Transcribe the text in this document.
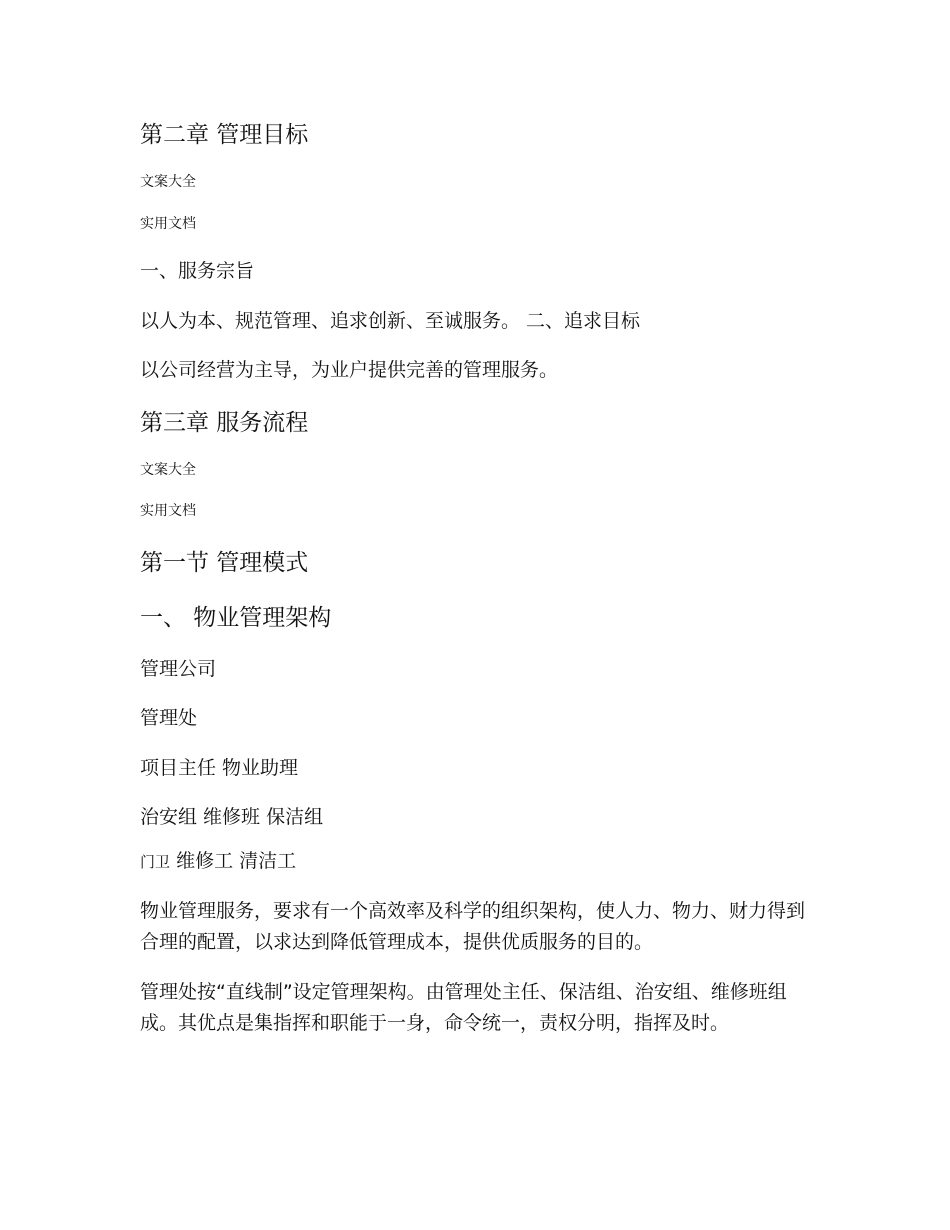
第二章 管理目标
文案大全
实用文档
一、服务宗旨
以人为本、规范管理、追求创新、至诚服务。 二、追求目标
以公司经营为主导，为业户提供完善的管理服务。
第三章 服务流程
文案大全
实用文档
第一节 管理模式
一、 物业管理架构
管理公司
管理处
项目主任 物业助理
治安组 维修班 保洁组
门卫 维修工 清洁工
物业管理服务，要求有一个高效率及科学的组织架构，使人力、物力、财力得到合理的配置，以求达到降低管理成本，提供优质服务的目的。
管理处按“直线制”设定管理架构。由管理处主任、保洁组、治安组、维修班组成。其优点是集指挥和职能于一身，命令统一，责权分明，指挥及时。
